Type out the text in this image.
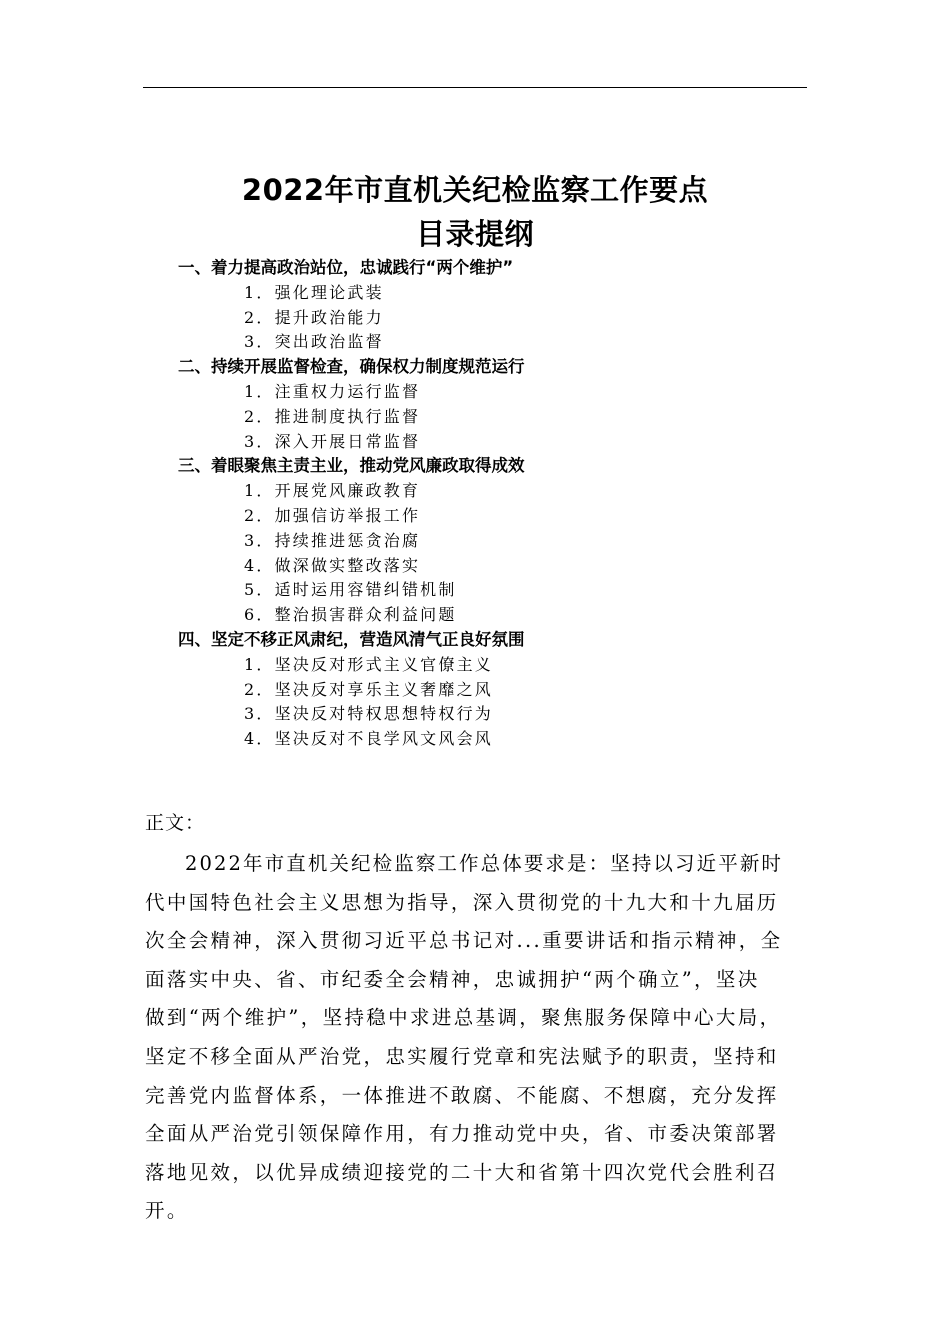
2022年市直机关纪检监察工作要点
目录提纲
一、着力提高政治站位，忠诚践行“两个维护”
1．强化理论武装
2．提升政治能力
3．突出政治监督
二、持续开展监督检查，确保权力制度规范运行
1．注重权力运行监督
2．推进制度执行监督
3．深入开展日常监督
三、着眼聚焦主责主业，推动党风廉政取得成效
1．开展党风廉政教育
2．加强信访举报工作
3．持续推进惩贪治腐
4．做深做实整改落实
5．适时运用容错纠错机制
6．整治损害群众利益问题
四、坚定不移正风肃纪，营造风清气正良好氛围
1．坚决反对形式主义官僚主义
2．坚决反对享乐主义奢靡之风
3．坚决反对特权思想特权行为
4．坚决反对不良学风文风会风
正文：
2022年市直机关纪检监察工作总体要求是：坚持以习近平新时
代中国特色社会主义思想为指导，深入贯彻党的十九大和十九届历
次全会精神，深入贯彻习近平总书记对...重要讲话和指示精神，全
面落实中央、省、市纪委全会精神，忠诚拥护“两个确立”，坚决
做到“两个维护”，坚持稳中求进总基调，聚焦服务保障中心大局，
坚定不移全面从严治党，忠实履行党章和宪法赋予的职责，坚持和
完善党内监督体系，一体推进不敢腐、不能腐、不想腐，充分发挥
全面从严治党引领保障作用，有力推动党中央，省、市委决策部署
落地见效，以优异成绩迎接党的二十大和省第十四次党代会胜利召
开。
